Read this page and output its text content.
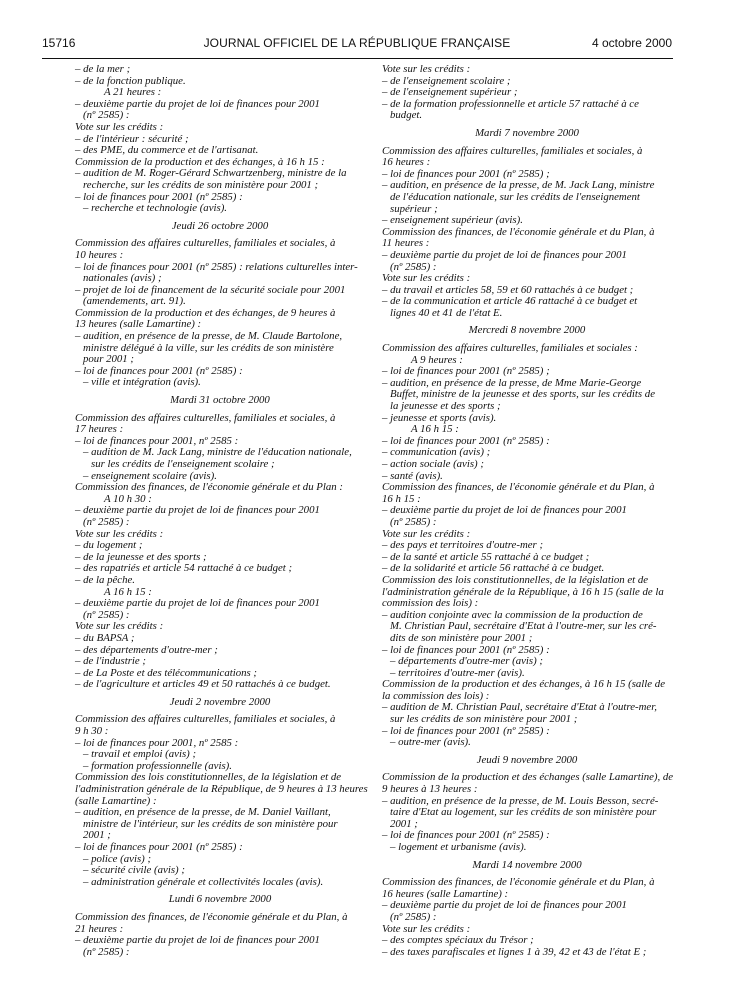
15716	JOURNAL OFFICIEL DE LA RÉPUBLIQUE FRANÇAISE	4 octobre 2000
– de la mer ;
– de la fonction publique.
A 21 heures :
– deuxième partie du projet de loi de finances pour 2001
(nº 2585) :
Vote sur les crédits :
– de l'intérieur : sécurité ;
– des PME, du commerce et de l'artisanat.
Commission de la production et des échanges, à 16 h 15 :
– audition de M. Roger-Gérard Schwartzenberg, ministre de la
recherche, sur les crédits de son ministère pour 2001 ;
– loi de finances pour 2001 (nº 2585) :
– recherche et technologie (avis).
Jeudi 26 octobre 2000
Commission des affaires culturelles, familiales et sociales, à
10 heures :
– loi de finances pour 2001 (nº 2585) : relations culturelles inter-
nationales (avis) ;
– projet de loi de financement de la sécurité sociale pour 2001
(amendements, art. 91).
Commission de la production et des échanges, de 9 heures à
13 heures (salle Lamartine) :
– audition, en présence de la presse, de M. Claude Bartolone,
ministre délégué à la ville, sur les crédits de son ministère
pour 2001 ;
– loi de finances pour 2001 (nº 2585) :
– ville et intégration (avis).
Mardi 31 octobre 2000
Commission des affaires culturelles, familiales et sociales, à
17 heures :
– loi de finances pour 2001, nº 2585 :
– audition de M. Jack Lang, ministre de l'éducation nationale,
sur les crédits de l'enseignement scolaire ;
– enseignement scolaire (avis).
Commission des finances, de l'économie générale et du Plan :
A 10 h 30 :
– deuxième partie du projet de loi de finances pour 2001
(nº 2585) :
Vote sur les crédits :
– du logement ;
– de la jeunesse et des sports ;
– des rapatriés et article 54 rattaché à ce budget ;
– de la pêche.
A 16 h 15 :
– deuxième partie du projet de loi de finances pour 2001
(nº 2585) :
Vote sur les crédits :
– du BAPSA ;
– des départements d'outre-mer ;
– de l'industrie ;
– de La Poste et des télécommunications ;
– de l'agriculture et articles 49 et 50 rattachés à ce budget.
Jeudi 2 novembre 2000
Commission des affaires culturelles, familiales et sociales, à
9 h 30 :
– loi de finances pour 2001, nº 2585 :
– travail et emploi (avis) ;
– formation professionnelle (avis).
Commission des lois constitutionnelles, de la législation et de
l'administration générale de la République, de 9 heures à 13 heures
(salle Lamartine) :
– audition, en présence de la presse, de M. Daniel Vaillant,
ministre de l'intérieur, sur les crédits de son ministère pour
2001 ;
– loi de finances pour 2001 (nº 2585) :
– police (avis) ;
– sécurité civile (avis) ;
– administration générale et collectivités locales (avis).
Lundi 6 novembre 2000
Commission des finances, de l'économie générale et du Plan, à
21 heures :
– deuxième partie du projet de loi de finances pour 2001
(nº 2585) :
Vote sur les crédits :
– de l'enseignement scolaire ;
– de l'enseignement supérieur ;
– de la formation professionnelle et article 57 rattaché à ce
budget.
Mardi 7 novembre 2000
Commission des affaires culturelles, familiales et sociales, à
16 heures :
– loi de finances pour 2001 (nº 2585) ;
– audition, en présence de la presse, de M. Jack Lang, ministre
de l'éducation nationale, sur les crédits de l'enseignement
supérieur ;
– enseignement supérieur (avis).
Commission des finances, de l'économie générale et du Plan, à
11 heures :
– deuxième partie du projet de loi de finances pour 2001
(nº 2585) :
Vote sur les crédits :
– du travail et articles 58, 59 et 60 rattachés à ce budget ;
– de la communication et article 46 rattaché à ce budget et
lignes 40 et 41 de l'état E.
Mercredi 8 novembre 2000
Commission des affaires culturelles, familiales et sociales :
A 9 heures :
– loi de finances pour 2001 (nº 2585) ;
– audition, en présence de la presse, de Mme Marie-George
Buffet, ministre de la jeunesse et des sports, sur les crédits de
la jeunesse et des sports ;
– jeunesse et sports (avis).
A 16 h 15 :
– loi de finances pour 2001 (nº 2585) :
– communication (avis) ;
– action sociale (avis) ;
– santé (avis).
Commission des finances, de l'économie générale et du Plan, à
16 h 15 :
– deuxième partie du projet de loi de finances pour 2001
(nº 2585) :
Vote sur les crédits :
– des pays et territoires d'outre-mer ;
– de la santé et article 55 rattaché à ce budget ;
– de la solidarité et article 56 rattaché à ce budget.
Commission des lois constitutionnelles, de la législation et de
l'administration générale de la République, à 16 h 15 (salle de la
commission des lois) :
– audition conjointe avec la commission de la production de
M. Christian Paul, secrétaire d'Etat à l'outre-mer, sur les cré-
dits de son ministère pour 2001 ;
– loi de finances pour 2001 (nº 2585) :
– départements d'outre-mer (avis) ;
– territoires d'outre-mer (avis).
Commission de la production et des échanges, à 16 h 15 (salle de
la commission des lois) :
– audition de M. Christian Paul, secrétaire d'Etat à l'outre-mer,
sur les crédits de son ministère pour 2001 ;
– loi de finances pour 2001 (nº 2585) :
– outre-mer (avis).
Jeudi 9 novembre 2000
Commission de la production et des échanges (salle Lamartine), de
9 heures à 13 heures :
– audition, en présence de la presse, de M. Louis Besson, secré-
taire d'Etat au logement, sur les crédits de son ministère pour
2001 ;
– loi de finances pour 2001 (nº 2585) :
– logement et urbanisme (avis).
Mardi 14 novembre 2000
Commission des finances, de l'économie générale et du Plan, à
16 heures (salle Lamartine) :
– deuxième partie du projet de loi de finances pour 2001
(nº 2585) :
Vote sur les crédits :
– des comptes spéciaux du Trésor ;
– des taxes parafiscales et lignes 1 à 39, 42 et 43 de l'état E ;
